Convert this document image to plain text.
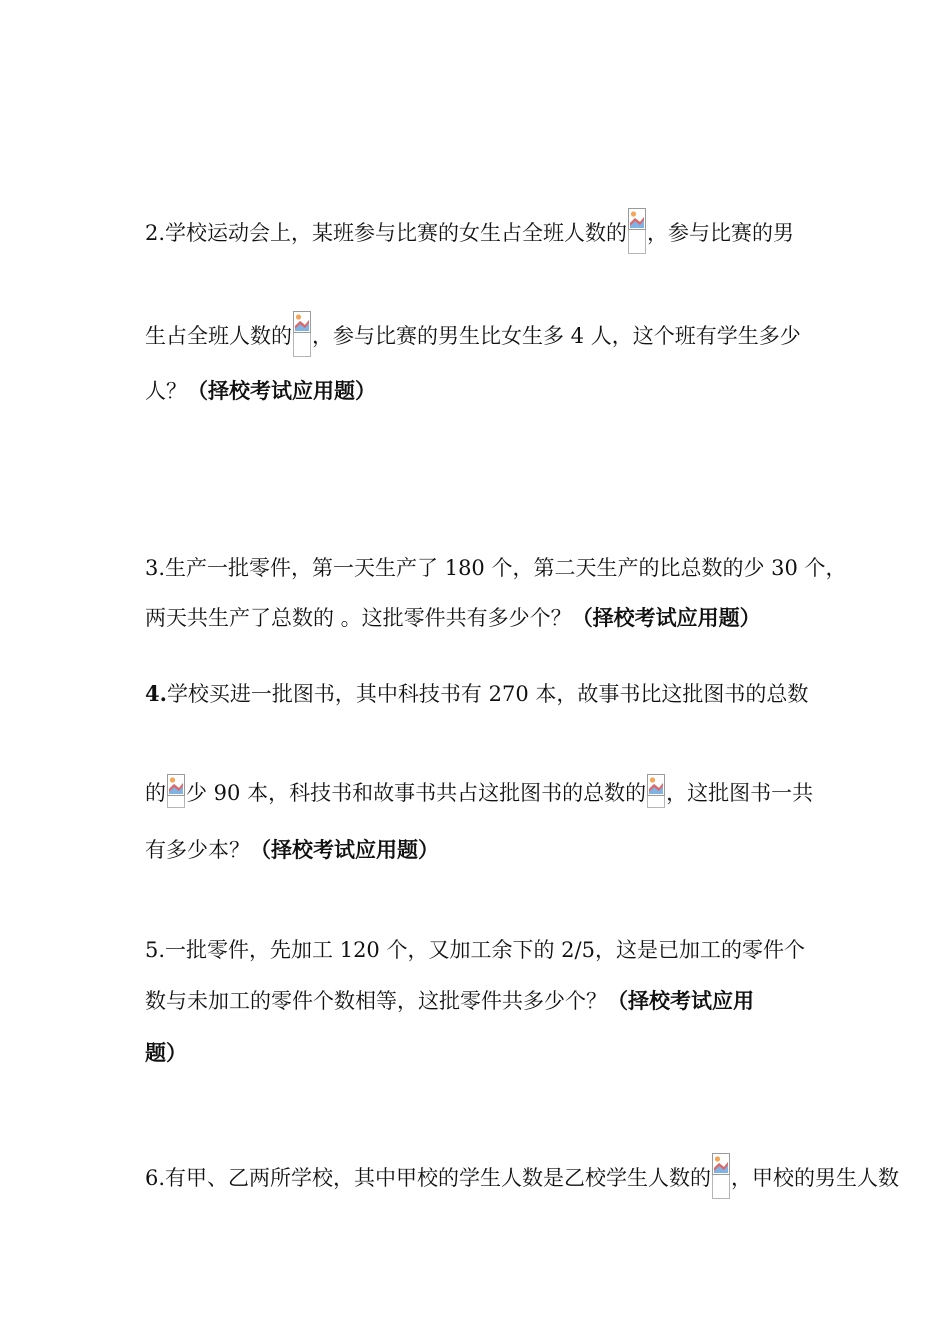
2.学校运动会上，某班参与比赛的女生占全班人数的 ，参与比赛的男
生占全班人数的 ，参与比赛的男生比女生多 4 人，这个班有学生多少
人？（择校考试应用题）
3.生产一批零件，第一天生产了 180 个，第二天生产的比总数的少 30 个，
两天共生产了总数的 。这批零件共有多少个？（择校考试应用题）
4.学校买进一批图书，其中科技书有 270 本，故事书比这批图书的总数
的 少 90 本，科技书和故事书共占这批图书的总数的 ，这批图书一共
有多少本？（择校考试应用题）
5.一批零件，先加工 120 个，又加工余下的 2/5，这是已加工的零件个
数与未加工的零件个数相等，这批零件共多少个？（择校考试应用
题）
6.有甲、乙两所学校，其中甲校的学生人数是乙校学生人数的 ，甲校的男生人数
